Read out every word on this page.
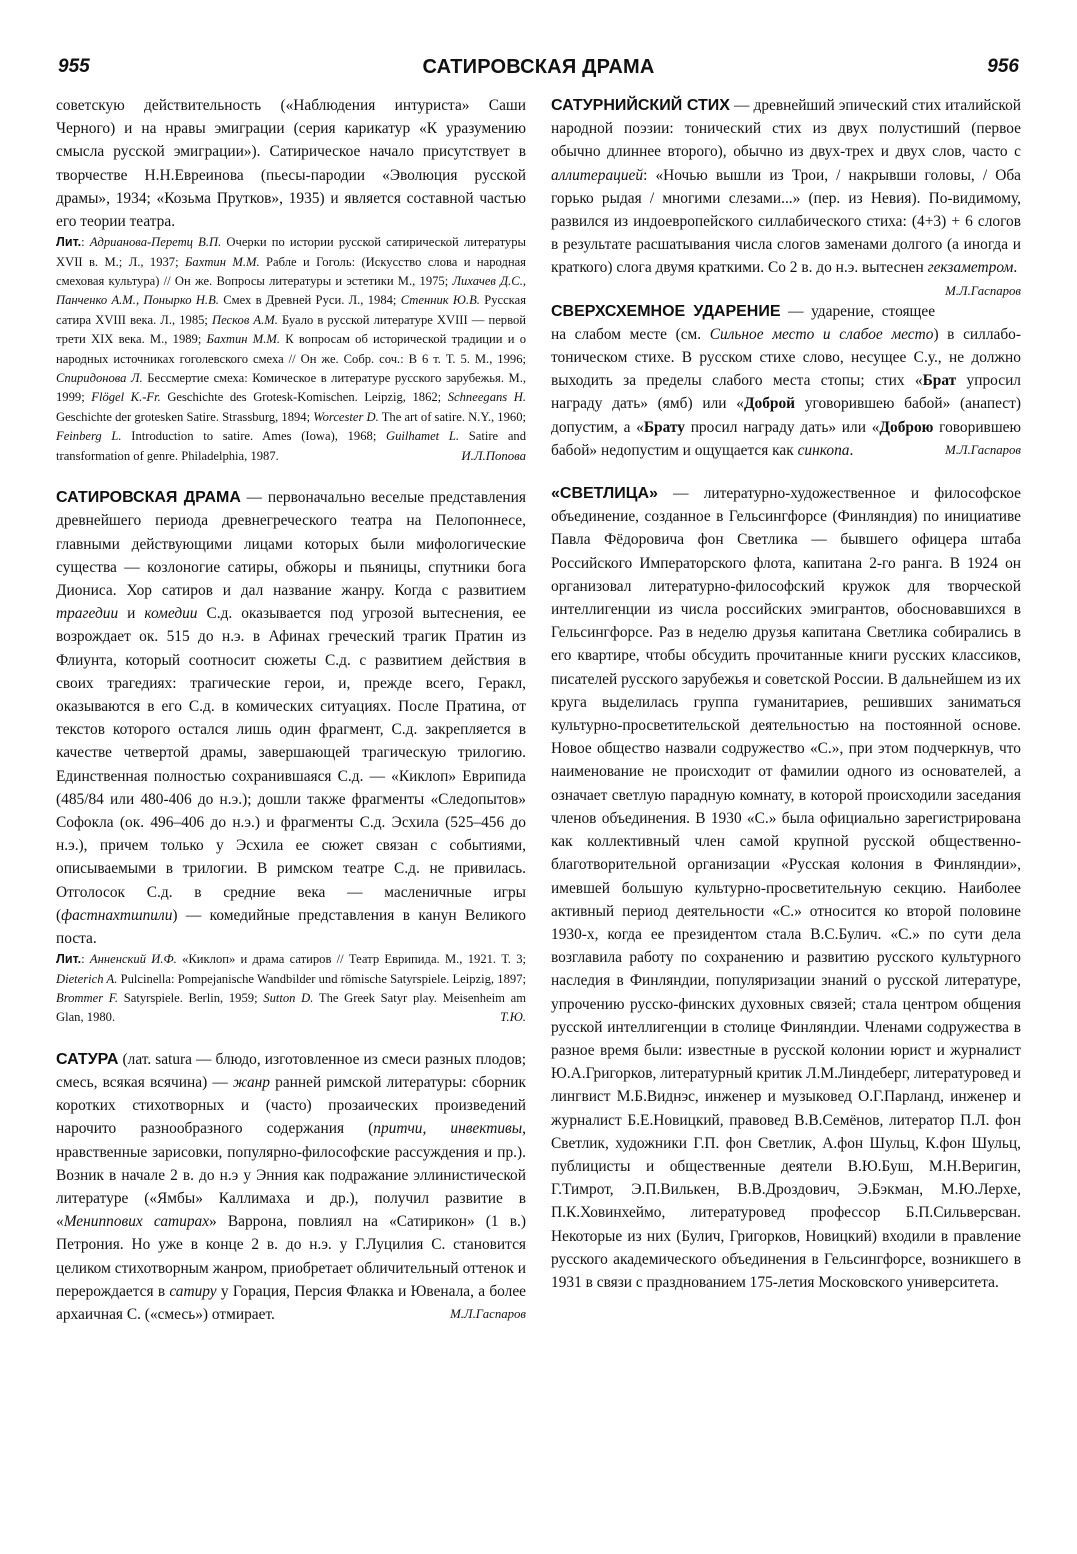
955	САТИРОВСКАЯ ДРАМА	956

советскую действительность («Наблюдения интуриста» Саши Черного) и на нравы эмиграции (серия карикатур «К уразумению смысла русской эмиграции»). Сатирическое начало присутствует в творчестве Н.Н.Евреинова (пьесы-пародии «Эволюция русской драмы», 1934; «Козьма Прутков», 1935) и является составной частью его теории театра.

Лит.: Адрианова-Перетц В.П. Очерки по истории русской сатирической литературы XVII в. М.; Л., 1937; Бахтин М.М. Рабле и Гоголь: (Искусство слова и народная смеховая культура) // Он же. Вопросы литературы и эстетики М., 1975; Лихачев Д.С., Панченко А.М., Понырко Н.В. Смех в Древней Руси. Л., 1984; Стенник Ю.В. Русская сатира XVIII века. Л., 1985; Песков А.М. Буало в русской литературе XVIII — первой трети XIX века. М., 1989; Бахтин М.М. К вопросам об исторической традиции и о народных источниках гоголевского смеха // Он же. Собр. соч.: В 6 т. Т. 5. М., 1996; Спиридонова Л. Бессмертие смеха: Комическое в литературе русского зарубежья. М., 1999; Flögel K.-Fr. Geschichte des Grotesk-Komischen. Leipzig, 1862; Schneegans H. Geschichte der grotesken Satire. Strassburg, 1894; Worcester D. The art of satire. N.Y., 1960; Feinberg L. Introduction to satire. Ames (Iowa), 1968; Guilhamet L. Satire and transformation of genre. Philadelphia, 1987.	И.Л.Попова

САТИРОВСКАЯ ДРАМА — первоначально веселые представления древнейшего периода древнегреческого театра на Пелопоннесе, главными действующими лицами которых были мифологические существа — козлоногие сатиры, обжоры и пьяницы, спутники бога Диониса. Хор сатиров и дал название жанру. Когда с развитием трагедии и комедии С.д. оказывается под угрозой вытеснения, ее возрождает ок. 515 до н.э. в Афинах греческий трагик Пратин из Флиунта, который соотносит сюжеты С.д. с развитием действия в своих трагедиях: трагические герои, и, прежде всего, Геракл, оказываются в его С.д. в комических ситуациях. После Пратина, от текстов которого остался лишь один фрагмент, С.д. закрепляется в качестве четвертой драмы, завершающей трагическую трилогию. Единственная полностью сохранившаяся С.д. — «Киклоп» Еврипида (485/84 или 480-406 до н.э.); дошли также фрагменты «Следопытов» Софокла (ок. 496–406 до н.э.) и фрагменты С.д. Эсхила (525–456 до н.э.), причем только у Эсхила ее сюжет связан с событиями, описываемыми в трилогии. В римском театре С.д. не привилась. Отголосок С.д. в средние века — масленичные игры (фастнахтшпили) — комедийные представления в канун Великого поста.

Лит.: Анненский И.Ф. «Киклоп» и драма сатиров // Театр Еврипида. М., 1921. Т. 3; Dieterich A. Pulcinella: Pompejanische Wandbilder und römische Satyrspiele. Leipzig, 1897; Brommer F. Satyrspiele. Berlin, 1959; Sutton D. The Greek Satyr play. Meisenheim am Glan, 1980.	Т.Ю.

САТУРА (лат. satura — блюдо, изготовленное из смеси разных плодов; смесь, всякая всячина) — жанр ранней римской литературы: сборник коротких стихотворных и (часто) прозаических произведений нарочито разнообразного содержания (притчи, инвективы, нравственные зарисовки, популярно-философские рассуждения и пр.). Возник в начале 2 в. до н.э у Энния как подражание эллинистической литературе («Ямбы» Каллимаха и др.), получил развитие в «Мениппових сатирах» Варрона, повлиял на «Сатирикон» (1 в.) Петрония. Но уже в конце 2 в. до н.э. у Г.Луцилия С. становится целиком стихотворным жанром, приобретает обличительный оттенок и перерождается в сатиру у Горация, Персия Флакка и Ювенала, а более архаичная С. («смесь») отмирает.	М.Л.Гаспаров

САТУРНИЙСКИЙ СТИХ — древнейший эпический стих италийской народной поэзии: тонический стих из двух полустиший (первое обычно длиннее второго), обычно из двух-трех и двух слов, часто с аллитерацией: «Ночью вышли из Трои, / накрывши головы, / Оба горько рыдая / многими слезами...» (пер. из Невия). По-видимому, развился из индоевропейского силлабического стиха: (4+3) + 6 слогов в результате расшатывания числа слогов заменами долгого (а иногда и краткого) слога двумя краткими. Со 2 в. до н.э. вытеснен гекзаметром.
М.Л.Гаспаров

СВЕРХСХЕМНОЕ УДАРЕНИЕ — ударение, стоящее на слабом месте (см. Сильное место и слабое место) в силлабо-тоническом стихе. В русском стихе слово, несущее С.у., не должно выходить за пределы слабого места стопы; стих «Брат упросил награду дать» (ямб) или «Доброй уговорившею бабой» (анапест) допустим, а «Брату просил награду дать» или «Доброю говорившею бабой» недопустим и ощущается как синкопа.	М.Л.Гаспаров

«СВЕТЛИЦА» — литературно-художественное и философское объединение, созданное в Гельсингфорсе (Финляндия) по инициативе Павла Фёдоровича фон Светлика — бывшего офицера штаба Российского Императорского флота, капитана 2-го ранга. В 1924 он организовал литературно-философский кружок для творческой интеллигенции из числа российских эмигрантов, обосновавшихся в Гельсингфорсе. Раз в неделю друзья капитана Светлика собирались в его квартире, чтобы обсудить прочитанные книги русских классиков, писателей русского зарубежья и советской России. В дальнейшем из их круга выделилась группа гуманитариев, решивших заниматься культурно-просветительской деятельностью на постоянной основе. Новое общество назвали содружество «С.», при этом подчеркнув, что наименование не происходит от фамилии одного из основателей, а означает светлую парадную комнату, в которой происходили заседания членов объединения. В 1930 «С.» была официально зарегистрирована как коллективный член самой крупной русской общественно-благотворительной организации «Русская колония в Финляндии», имевшей большую культурно-просветительную секцию. Наиболее активный период деятельности «С.» относится ко второй половине 1930-х, когда ее президентом стала В.С.Булич. «С.» по сути дела возглавила работу по сохранению и развитию русского культурного наследия в Финляндии, популяризации знаний о русской литературе, упрочению русско-финских духовных связей; стала центром общения русской интеллигенции в столице Финляндии. Членами содружества в разное время были: известные в русской колонии юрист и журналист Ю.А.Григорков, литературный критик Л.М.Линдеберг, литературовед и лингвист М.Б.Виднэс, инженер и музыковед О.Г.Парланд, инженер и журналист Б.Е.Новицкий, правовед В.В.Семёнов, литератор П.Л. фон Светлик, художники Г.П. фон Светлик, А.фон Шульц, К.фон Шульц, публицисты и общественные деятели В.Ю.Буш, М.Н.Веригин, Г.Тимрот, Э.П.Вилькен, В.В.Дроздович, Э.Бэкман, М.Ю.Лерхе, П.К.Ховинхеймо, литературовед профессор Б.П.Сильверсван. Некоторые из них (Булич, Григорков, Новицкий) входили в правление русского академического объединения в Гельсингфорсе, возникшего в 1931 в связи с празднованием 175-летия Московского университета.
